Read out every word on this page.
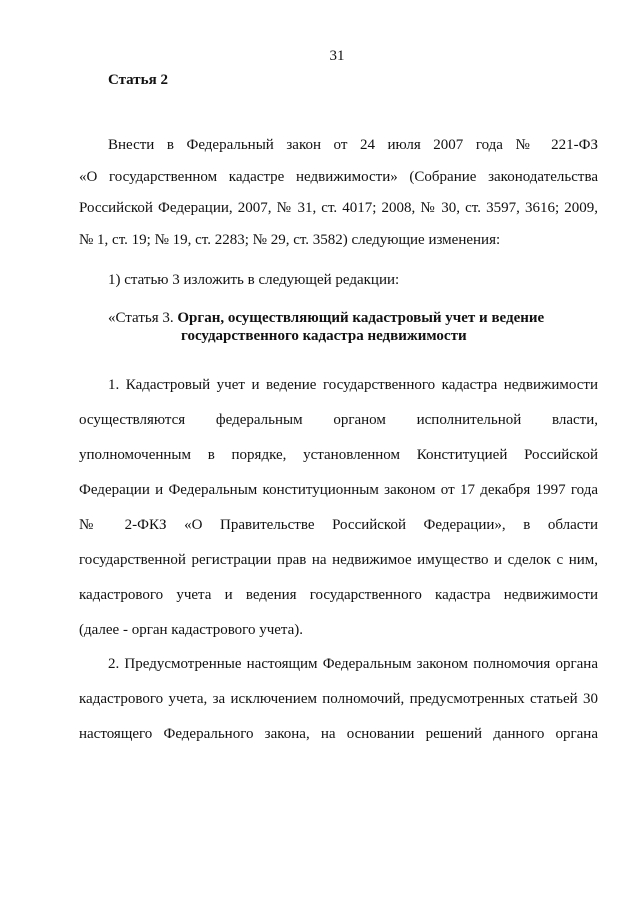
31
Статья 2
Внести в Федеральный закон от 24 июля 2007 года № 221-ФЗ
«О государственном кадастре недвижимости» (Собрание законодательства
Российской Федерации, 2007, № 31, ст. 4017; 2008, № 30, ст. 3597, 3616; 2009,
№ 1, ст. 19; № 19, ст. 2283; № 29, ст. 3582) следующие изменения:
1) статью 3 изложить в следующей редакции:
«Статья 3. Орган, осуществляющий кадастровый учет и ведение
государственного кадастра недвижимости
1. Кадастровый учет и ведение государственного кадастра недвижимости
осуществляются федеральным органом исполнительной власти,
уполномоченным в порядке, установленном Конституцией Российской
Федерации и Федеральным конституционным законом от 17 декабря 1997 года
№ 2-ФКЗ «О Правительстве Российской Федерации», в области
государственной регистрации прав на недвижимое имущество и сделок с ним,
кадастрового учета и ведения государственного кадастра недвижимости
(далее - орган кадастрового учета).
2. Предусмотренные настоящим Федеральным законом полномочия органа
кадастрового учета, за исключением полномочий, предусмотренных статьей 30
настоящего Федерального закона, на основании решений данного органа
